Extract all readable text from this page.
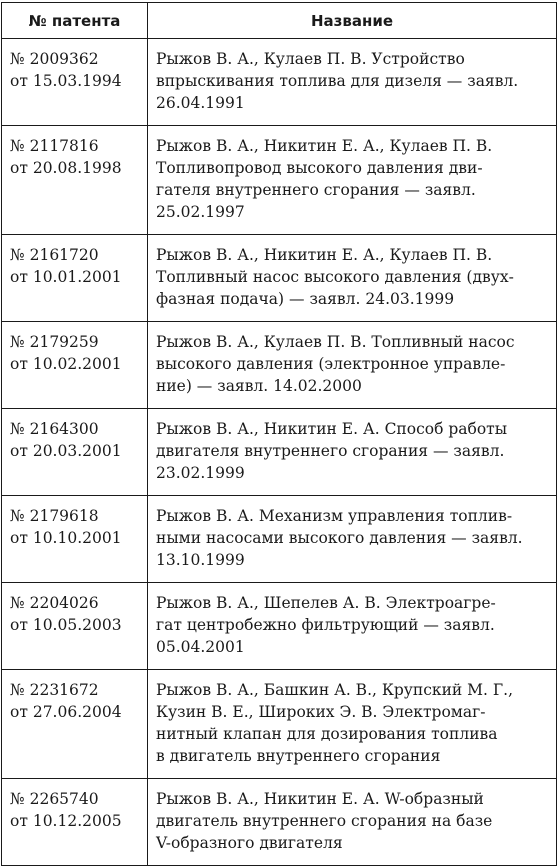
№ патента	Название

№ 2009362
от 15.03.1994	Рыжов В. А., Кулаев П. В. Устройство
впрыскивания топлива для дизеля — заявл.
26.04.1991

№ 2117816
от 20.08.1998	Рыжов В. А., Никитин Е. А., Кулаев П. В.
Топливопровод высокого давления дви-
гателя внутреннего сгорания — заявл.
25.02.1997

№ 2161720
от 10.01.2001	Рыжов В. А., Никитин Е. А., Кулаев П. В.
Топливный насос высокого давления (двух-
фазная подача) — заявл. 24.03.1999

№ 2179259
от 10.02.2001	Рыжов В. А., Кулаев П. В. Топливный насос
высокого давления (электронное управле-
ние) — заявл. 14.02.2000

№ 2164300
от 20.03.2001	Рыжов В. А., Никитин Е. А. Способ работы
двигателя внутреннего сгорания — заявл.
23.02.1999

№ 2179618
от 10.10.2001	Рыжов В. А. Механизм управления топлив-
ными насосами высокого давления — заявл.
13.10.1999

№ 2204026
от 10.05.2003	Рыжов В. А., Шепелев А. В. Электроагре-
гат центробежно фильтрующий — заявл.
05.04.2001

№ 2231672
от 27.06.2004	Рыжов В. А., Башкин А. В., Крупский М. Г.,
Кузин В. Е., Широких Э. В. Электромаг-
нитный клапан для дозирования топлива
в двигатель внутреннего сгорания

№ 2265740
от 10.12.2005	Рыжов В. А., Никитин Е. А. W-образный
двигатель внутреннего сгорания на базе
V-образного двигателя
